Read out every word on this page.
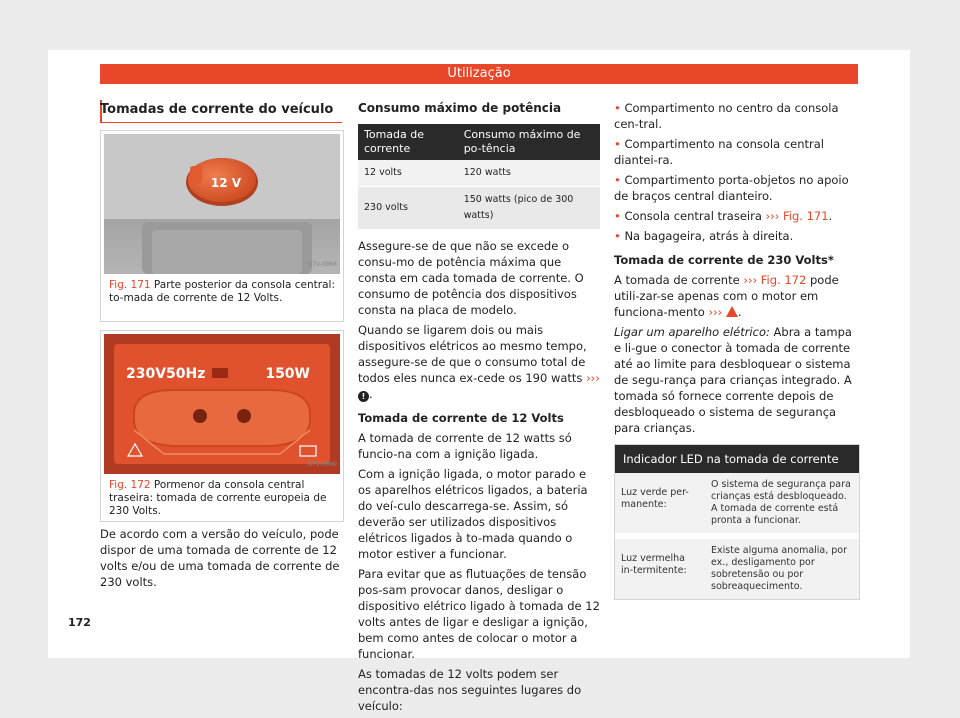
Utilização
Tomadas de corrente do veículo
12 V
B7V-0968
Fig. 171 Parte posterior da consola central: to-mada de corrente de 12 Volts.
230V50Hz	150W
B7V-0969
Fig. 172 Pormenor da consola central traseira: tomada de corrente europeia de 230 Volts.
De acordo com a versão do veículo, pode dispor de uma tomada de corrente de 12 volts e/ou de uma tomada de corrente de 230 volts.
Consumo máximo de potência
Tomada de corrente	Consumo máximo de po-tência
12 volts	120 watts
230 volts	150 watts (pico de 300 watts)

Assegure-se de que não se excede o consu-mo de potência máxima que consta em cada tomada de corrente. O consumo de potência dos dispositivos consta na placa de modelo.

Quando se ligarem dois ou mais dispositivos elétricos ao mesmo tempo, assegure-se de que o consumo total de todos eles nunca ex-cede os 190 watts ››› ! .

Tomada de corrente de 12 Volts

A tomada de corrente de 12 watts só funcio-na com a ignição ligada.

Com a ignição ligada, o motor parado e os aparelhos elétricos ligados, a bateria do veí-culo descarrega-se. Assim, só deverão ser utilizados dispositivos elétricos ligados à to-mada quando o motor estiver a funcionar.

Para evitar que as flutuações de tensão pos-sam provocar danos, desligar o dispositivo elétrico ligado à tomada de 12 volts antes de ligar e desligar a ignição, bem como antes de colocar o motor a funcionar.

As tomadas de 12 volts podem ser encontra-das nos seguintes lugares do veículo:

• Compartimento no centro da consola cen-tral.

• Compartimento na consola central diantei-ra.

• Compartimento porta-objetos no apoio de braços central dianteiro.

• Consola central traseira ››› Fig. 171.

• Na bagageira, atrás à direita.

Tomada de corrente de 230 Volts*

A tomada de corrente ››› Fig. 172 pode utili-zar-se apenas com o motor em funciona-mento ››› .

Ligar um aparelho elétrico: Abra a tampa e li-gue o conector à tomada de corrente até ao limite para desbloquear o sistema de segu-rança para crianças integrado. A tomada só fornece corrente depois de desbloqueado o sistema de segurança para crianças.

Indicador LED na tomada de corrente
Luz verde per-manente:
O sistema de segurança para crianças está desbloqueado. A tomada de corrente está pronta a funcionar.
Luz vermelha in-termitente:
Existe alguma anomalia, por ex., desligamento por sobretensão ou por sobreaquecimento.
172
